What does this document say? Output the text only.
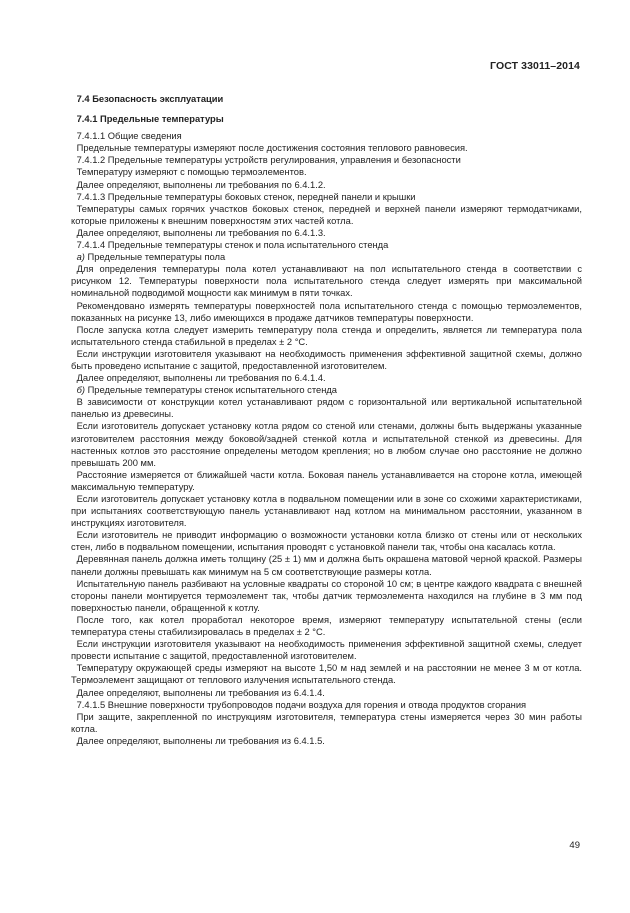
ГОСТ 33011–2014
7.4 Безопасность эксплуатации
7.4.1 Предельные температуры

7.4.1.1 Общие сведения

Предельные температуры измеряют после достижения состояния теплового равновесия.

7.4.1.2 Предельные температуры устройств регулирования, управления и безопасности

Температуру измеряют с помощью термоэлементов.

Далее определяют, выполнены ли требования по 6.4.1.2.

7.4.1.3 Предельные температуры боковых стенок, передней панели и крышки

Температуры самых горячих участков боковых стенок, передней и верхней панели измеряют термодатчиками, которые приложены к внешним поверхностям этих частей котла.

Далее определяют, выполнены ли требования по 6.4.1.3.

7.4.1.4 Предельные температуры стенок и пола испытательного стенда

а) Предельные температуры пола

Для определения температуры пола котел устанавливают на пол испытательного стенда в соответствии с рисунком 12. Температуры поверхности пола испытательного стенда следует измерять при максимальной номинальной подводимой мощности как минимум в пяти точках.

Рекомендовано измерять температуры поверхностей пола испытательного стенда с помощью термоэлементов, показанных на рисунке 13, либо имеющихся в продаже датчиков температуры поверхности.

После запуска котла следует измерить температуру пола стенда и определить, является ли температура пола испытательного стенда стабильной в пределах ± 2 °С.

Если инструкции изготовителя указывают на необходимость применения эффективной защитной схемы, должно быть проведено испытание с защитой, предоставленной изготовителем.

Далее определяют, выполнены ли требования по 6.4.1.4.

б) Предельные температуры стенок испытательного стенда

В зависимости от конструкции котел устанавливают рядом с горизонтальной или вертикальной испытательной панелью из древесины.

Если изготовитель допускает установку котла рядом со стеной или стенами, должны быть выдержаны указанные изготовителем расстояния между боковой/задней стенкой котла и испытательной стенкой из древесины. Для настенных котлов это расстояние определены методом крепления; но в любом случае оно расстояние не должно превышать 200 мм.

Расстояние измеряется от ближайшей части котла. Боковая панель устанавливается на стороне котла, имеющей максимальную температуру.

Если изготовитель допускает установку котла в подвальном помещении или в зоне со схожими характеристиками, при испытаниях соответствующую панель устанавливают над котлом на минимальном расстоянии, указанном в инструкциях изготовителя.

Если изготовитель не приводит информацию о возможности установки котла близко от стены или от нескольких стен, либо в подвальном помещении, испытания проводят с установкой панели так, чтобы она касалась котла.

Деревянная панель должна иметь толщину (25 ± 1) мм и должна быть окрашена матовой черной краской. Размеры панели должны превышать как минимум на 5 см соответствующие размеры котла.

Испытательную панель разбивают на условные квадраты со стороной 10 см; в центре каждого квадрата с внешней стороны панели монтируется термоэлемент так, чтобы датчик термоэлемента находился на глубине в 3 мм под поверхностью панели, обращенной к котлу.

После того, как котел проработал некоторое время, измеряют температуру испытательной стены (если температура стены стабилизировалась в пределах ± 2 °С.

Если инструкции изготовителя указывают на необходимость применения эффективной защитной схемы, следует провести испытание с защитой, предоставленной изготовителем.

Температуру окружающей среды измеряют на высоте 1,50 м над землей и на расстоянии не менее 3 м от котла. Термоэлемент защищают от теплового излучения испытательного стенда.

Далее определяют, выполнены ли требования из 6.4.1.4.

7.4.1.5 Внешние поверхности трубопроводов подачи воздуха для горения и отвода продуктов сгорания

При защите, закрепленной по инструкциям изготовителя, температура стены измеряется через 30 мин работы котла.

Далее определяют, выполнены ли требования из 6.4.1.5.

49
